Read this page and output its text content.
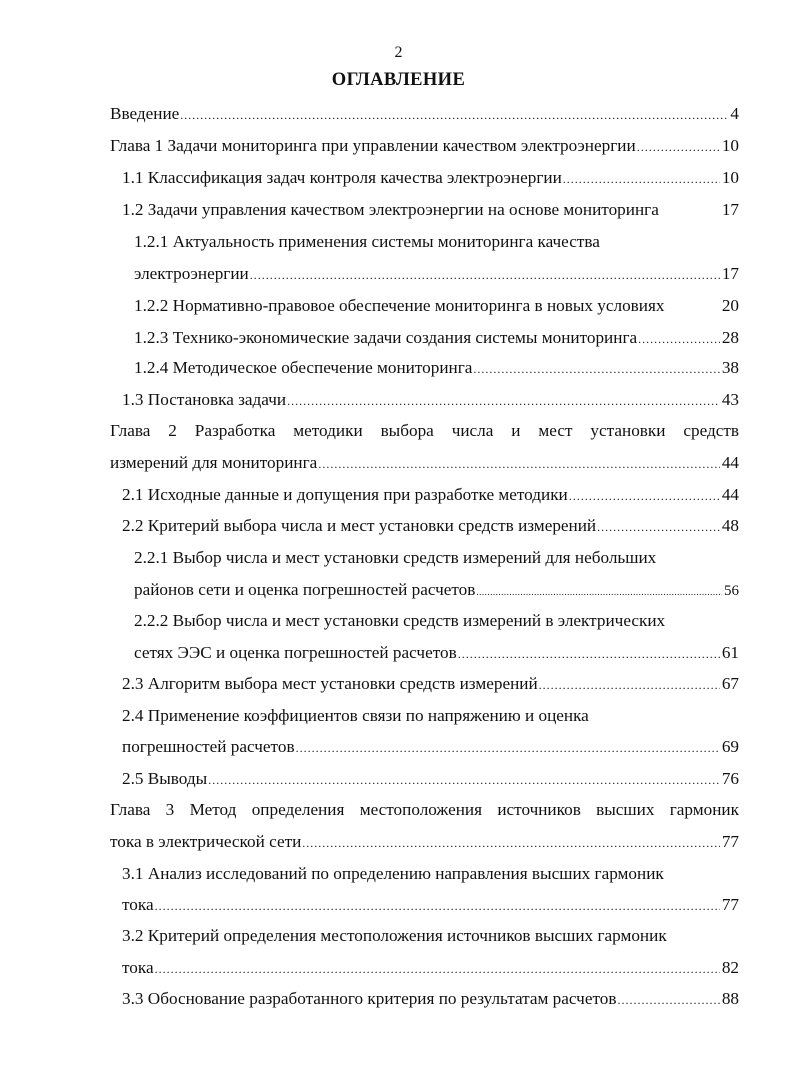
2
ОГЛАВЛЕНИЕ
Введение .....	4
Глава 1 Задачи мониторинга при управлении качеством электроэнергии .....	10
1.1 Классификация задач контроля качества электроэнергии .....	10
1.2 Задачи управления качеством электроэнергии на основе мониторинга	17
1.2.1 Актуальность применения системы мониторинга качества
электроэнергии .....	17
1.2.2 Нормативно-правовое обеспечение мониторинга в новых условиях	20
1.2.3 Технико-экономические задачи создания системы мониторинга .....	28
1.2.4 Методическое обеспечение мониторинга .....	38
1.3 Постановка задачи .....	43
Глава 2 Разработка методики выбора числа и мест установки средств
измерений для мониторинга .....	44
2.1 Исходные данные и допущения при разработке методики .....	44
2.2 Критерий выбора числа и мест установки средств измерений .....	48
2.2.1 Выбор числа и мест установки средств измерений для небольших
районов сети и оценка погрешностей расчетов .....	56
2.2.2 Выбор числа и мест установки средств измерений в электрических
сетях ЭЭС и оценка погрешностей расчетов .....	61
2.3 Алгоритм выбора мест установки средств измерений .....	67
2.4 Применение коэффициентов связи по напряжению и оценка
погрешностей расчетов .....	69
2.5 Выводы .....	76
Глава 3 Метод определения местоположения источников высших гармоник
тока в электрической сети .....	77
3.1 Анализ исследований по определению направления высших гармоник
тока .....	77
3.2 Критерий определения местоположения источников высших гармоник
тока .....	82
3.3 Обоснование разработанного критерия по результатам расчетов .....	88
